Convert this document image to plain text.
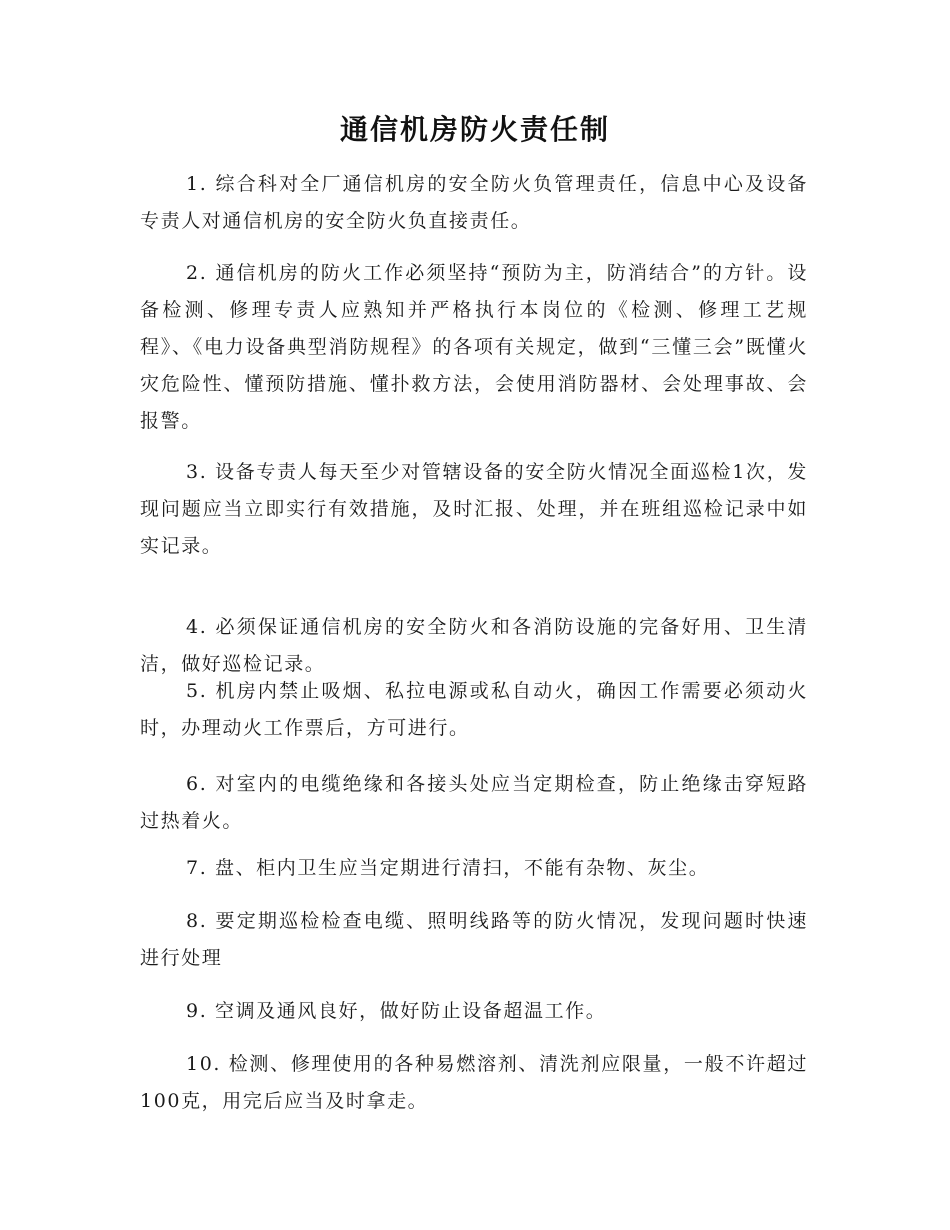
通信机房防火责任制

1. 综合科对全厂通信机房的安全防火负管理责任，信息中心及设备专责人对通信机房的安全防火负直接责任。

2. 通信机房的防火工作必须坚持“预防为主，防消结合”的方针。设备检测、修理专责人应熟知并严格执行本岗位的《检测、修理工艺规程》、《电力设备典型消防规程》的各项有关规定，做到“三懂三会”既懂火灾危险性、懂预防措施、懂扑救方法，会使用消防器材、会处理事故、会报警。

3. 设备专责人每天至少对管辖设备的安全防火情况全面巡检1次，发现问题应当立即实行有效措施，及时汇报、处理，并在班组巡检记录中如实记录。

4. 必须保证通信机房的安全防火和各消防设施的完备好用、卫生清洁，做好巡检记录。

5. 机房内禁止吸烟、私拉电源或私自动火，确因工作需要必须动火时，办理动火工作票后，方可进行。

6. 对室内的电缆绝缘和各接头处应当定期检查，防止绝缘击穿短路过热着火。

7. 盘、柜内卫生应当定期进行清扫，不能有杂物、灰尘。

8. 要定期巡检检查电缆、照明线路等的防火情况，发现问题时快速进行处理

9. 空调及通风良好，做好防止设备超温工作。

10. 检测、修理使用的各种易燃溶剂、清洗剂应限量，一般不许超过100克，用完后应当及时拿走。
